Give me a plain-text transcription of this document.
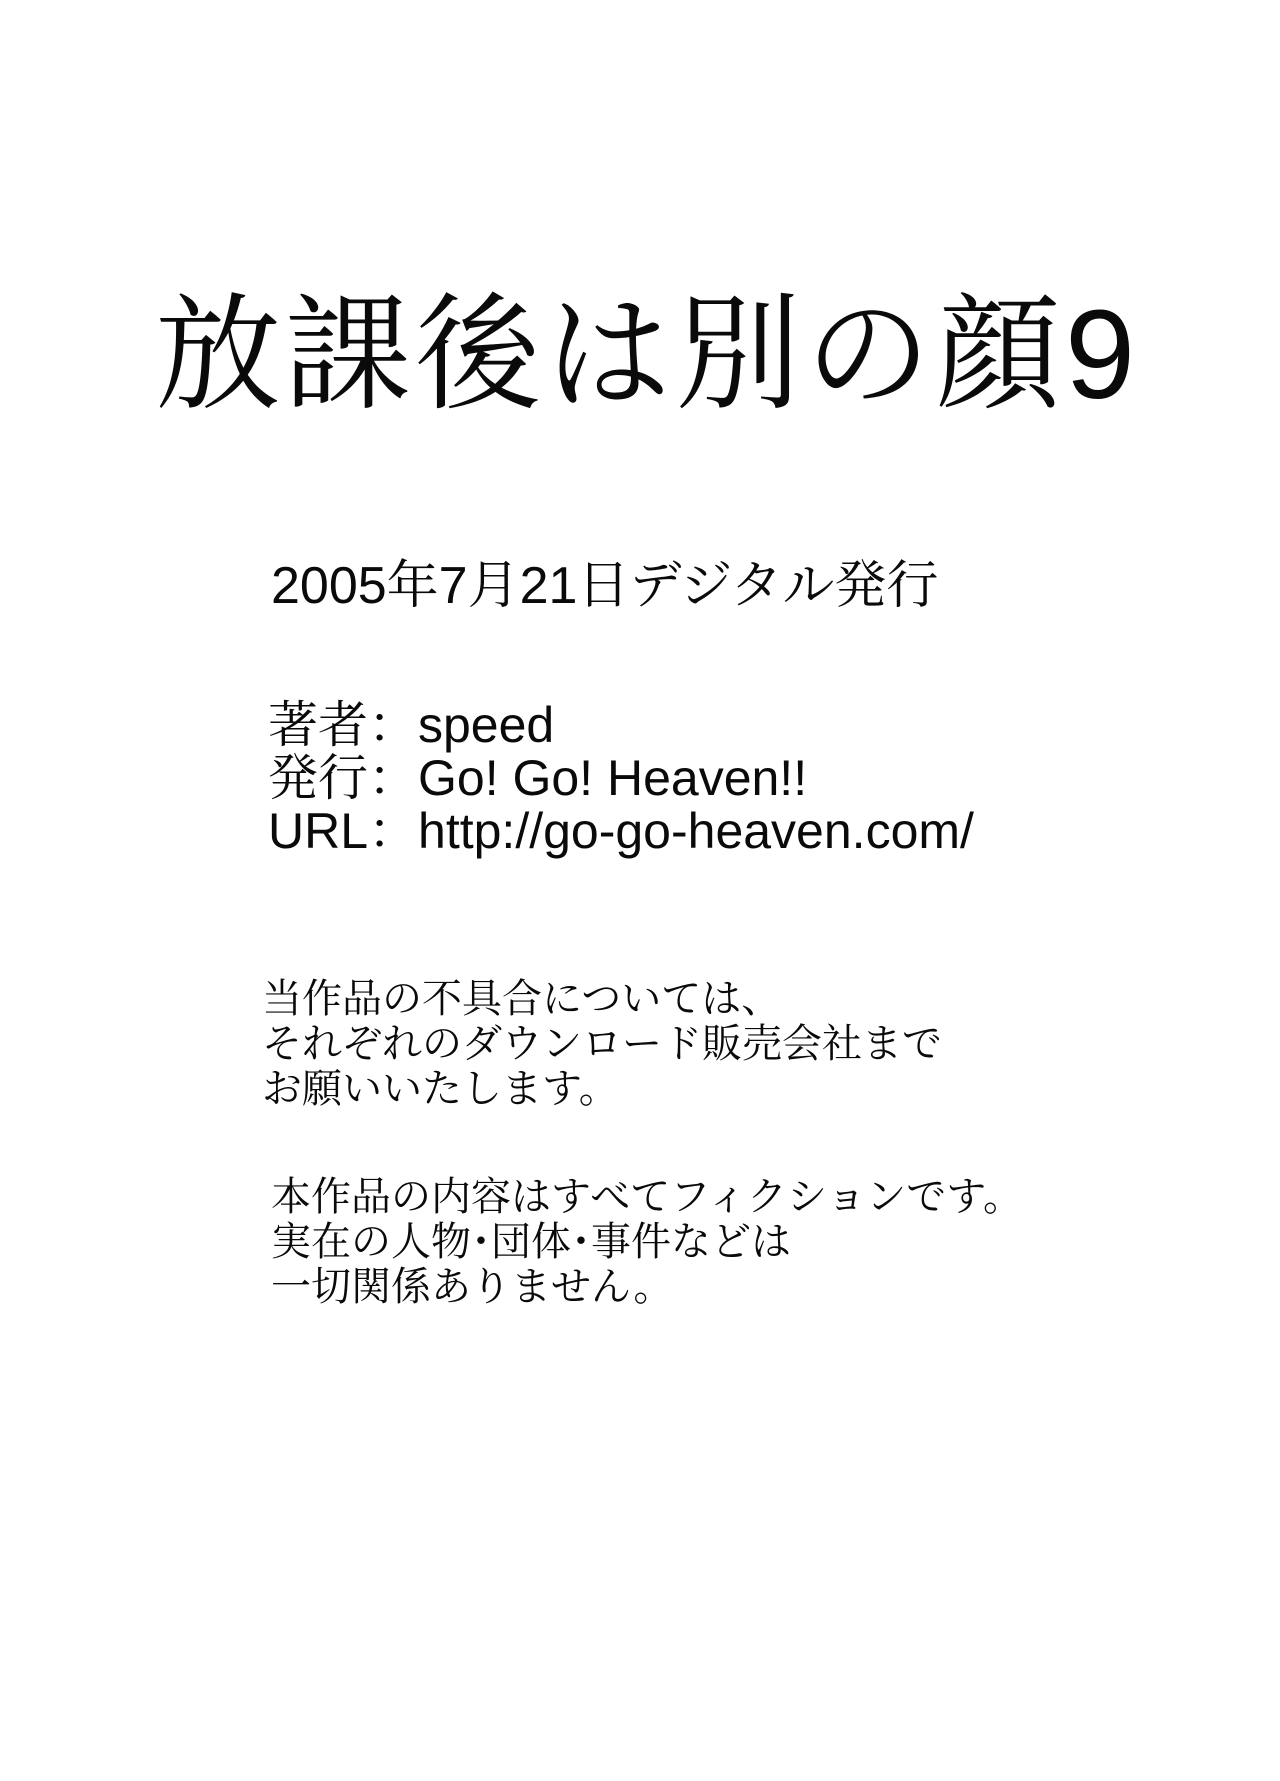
放課後は別の顔9
2005年7月21日デジタル発行
著者：speed
発行：Go! Go! Heaven!!
URL：http://go-go-heaven.com/
当作品の不具合については、
それぞれのダウンロード販売会社まで
お願いいたします。
本作品の内容はすべてフィクションです。
実在の人物･団体･事件などは
一切関係ありません。
